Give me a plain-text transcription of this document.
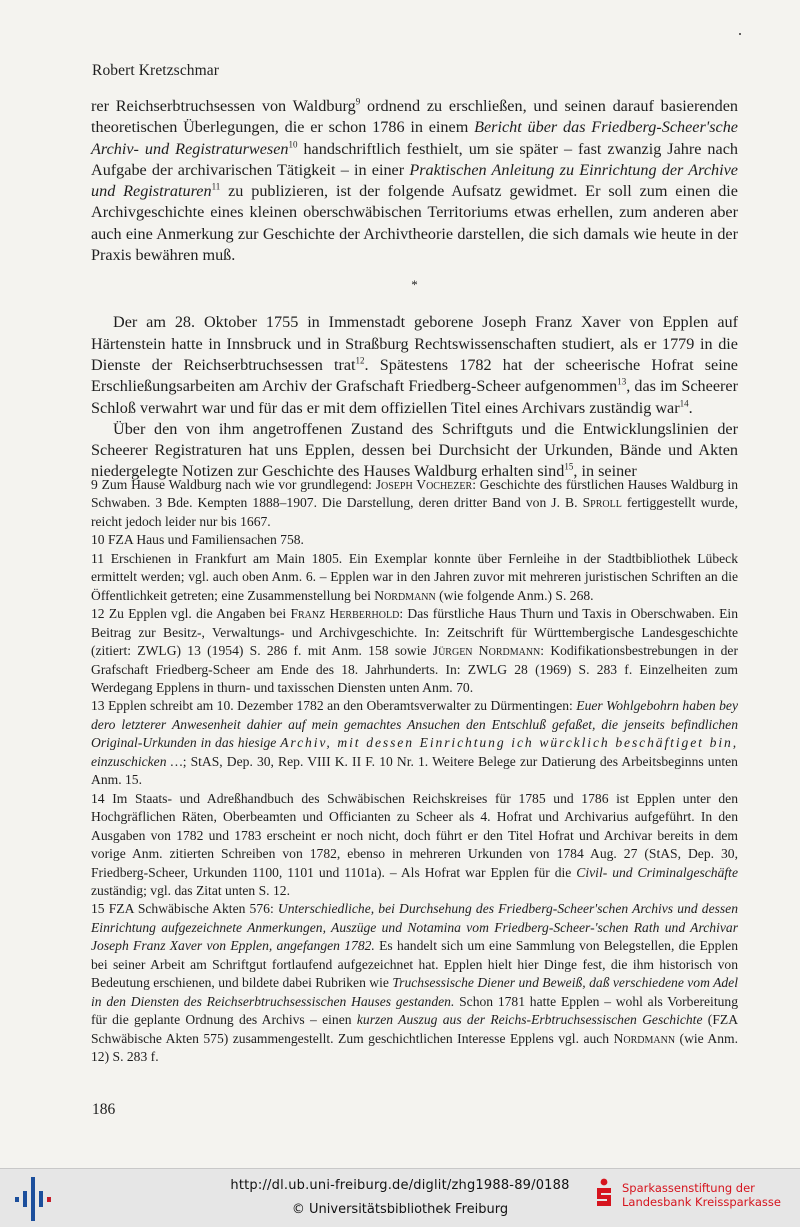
Robert Kretzschmar

rer Reichserbtruchsessen von Waldburg$^9$ ordnend zu erschließen, und seinen darauf basierenden theoretischen Überlegungen, die er schon 1786 in einem Bericht über das Friedberg-Scheer'sche Archiv- und Registraturwesen$^{10}$ handschriftlich festhielt, um sie später – fast zwanzig Jahre nach Aufgabe der archivarischen Tätigkeit – in einer Praktischen Anleitung zu Einrichtung der Archive und Registraturen$^{11}$ zu publizieren, ist der folgende Aufsatz gewidmet. Er soll zum einen die Archivgeschichte eines kleinen oberschwäbischen Territoriums etwas erhellen, zum anderen aber auch eine Anmerkung zur Geschichte der Archivtheorie darstellen, die sich damals wie heute in der Praxis bewähren muß.

*

Der am 28. Oktober 1755 in Immenstadt geborene Joseph Franz Xaver von Epplen auf Härtenstein hatte in Innsbruck und in Straßburg Rechtswissenschaften studiert, als er 1779 in die Dienste der Reichserbtruchsessen trat$^{12}$. Spätestens 1782 hat der scheerische Hofrat seine Erschließungsarbeiten am Archiv der Grafschaft Friedberg-Scheer aufgenommen$^{13}$, das im Scheerer Schloß verwahrt war und für das er mit dem offiziellen Titel eines Archivars zuständig war$^{14}$.

Über den von ihm angetroffenen Zustand des Schriftguts und die Entwicklungslinien der Scheerer Registraturen hat uns Epplen, dessen bei Durchsicht der Urkunden, Bände und Akten niedergelegte Notizen zur Geschichte des Hauses Waldburg erhalten sind$^{15}$, in seiner

9 Zum Hause Waldburg nach wie vor grundlegend: Joseph Vochezer: Geschichte des fürstlichen Hauses Waldburg in Schwaben. 3 Bde. Kempten 1888–1907. Die Darstellung, deren dritter Band von J. B. Sproll fertiggestellt wurde, reicht jedoch leider nur bis 1667.

10 FZA Haus und Familiensachen 758.

11 Erschienen in Frankfurt am Main 1805. Ein Exemplar konnte über Fernleihe in der Stadtbibliothek Lübeck ermittelt werden; vgl. auch oben Anm. 6. – Epplen war in den Jahren zuvor mit mehreren juristischen Schriften an die Öffentlichkeit getreten; eine Zusammenstellung bei Nordmann (wie folgende Anm.) S. 268.

12 Zu Epplen vgl. die Angaben bei Franz Herberhold: Das fürstliche Haus Thurn und Taxis in Oberschwaben. Ein Beitrag zur Besitz-, Verwaltungs- und Archivgeschichte. In: Zeitschrift für Württembergische Landesgeschichte (zitiert: ZWLG) 13 (1954) S. 286 f. mit Anm. 158 sowie Jürgen Nordmann: Kodifikationsbestrebungen in der Grafschaft Friedberg-Scheer am Ende des 18. Jahrhunderts. In: ZWLG 28 (1969) S. 283 f. Einzelheiten zum Werdegang Epplens in thurn- und taxisschen Diensten unten Anm. 70.

13 Epplen schreibt am 10. Dezember 1782 an den Oberamtsverwalter zu Dürmentingen: Euer Wohlgebohrn haben bey dero letzterer Anwesenheit dahier auf mein gemachtes Ansuchen den Entschluß gefaßet, die jenseits befindlichen Original-Urkunden in das hiesige Archiv, mit dessen Einrichtung ich würcklich beschäftiget bin, einzuschicken …; StAS, Dep. 30, Rep. VIII K. II F. 10 Nr. 1. Weitere Belege zur Datierung des Arbeitsbeginns unten Anm. 15.

14 Im Staats- und Adreßhandbuch des Schwäbischen Reichskreises für 1785 und 1786 ist Epplen unter den Hochgräflichen Räten, Oberbeamten und Officianten zu Scheer als 4. Hofrat und Archivarius aufgeführt. In den Ausgaben von 1782 und 1783 erscheint er noch nicht, doch führt er den Titel Hofrat und Archivar bereits in dem vorige Anm. zitierten Schreiben von 1782, ebenso in mehreren Urkunden von 1784 Aug. 27 (StAS, Dep. 30, Friedberg-Scheer, Urkunden 1100, 1101 und 1101a). – Als Hofrat war Epplen für die Civil- und Criminalgeschäfte zuständig; vgl. das Zitat unten S. 12.

15 FZA Schwäbische Akten 576: Unterschiedliche, bei Durchsehung des Friedberg-Scheer'schen Archivs und dessen Einrichtung aufgezeichnete Anmerkungen, Auszüge und Notamina vom Friedberg-Scheer-'schen Rath und Archivar Joseph Franz Xaver von Epplen, angefangen 1782. Es handelt sich um eine Sammlung von Belegstellen, die Epplen bei seiner Arbeit am Schriftgut fortlaufend aufgezeichnet hat. Epplen hielt hier Dinge fest, die ihm historisch von Bedeutung erschienen, und bildete dabei Rubriken wie Truchsessische Diener und Beweiß, daß verschiedene vom Adel in den Diensten des Reichserbtruchsessischen Hauses gestanden. Schon 1781 hatte Epplen – wohl als Vorbereitung für die geplante Ordnung des Archivs – einen kurzen Auszug aus der Reichs-Erbtruchsessischen Geschichte (FZA Schwäbische Akten 575) zusammengestellt. Zum geschichtlichen Interesse Epplens vgl. auch Nordmann (wie Anm. 12) S. 283 f.

186
http://dl.ub.uni-freiburg.de/diglit/zhg1988-89/0188
© Universitätsbibliothek Freiburg
Sparkassenstiftung der
Landesbank Kreissparkasse
